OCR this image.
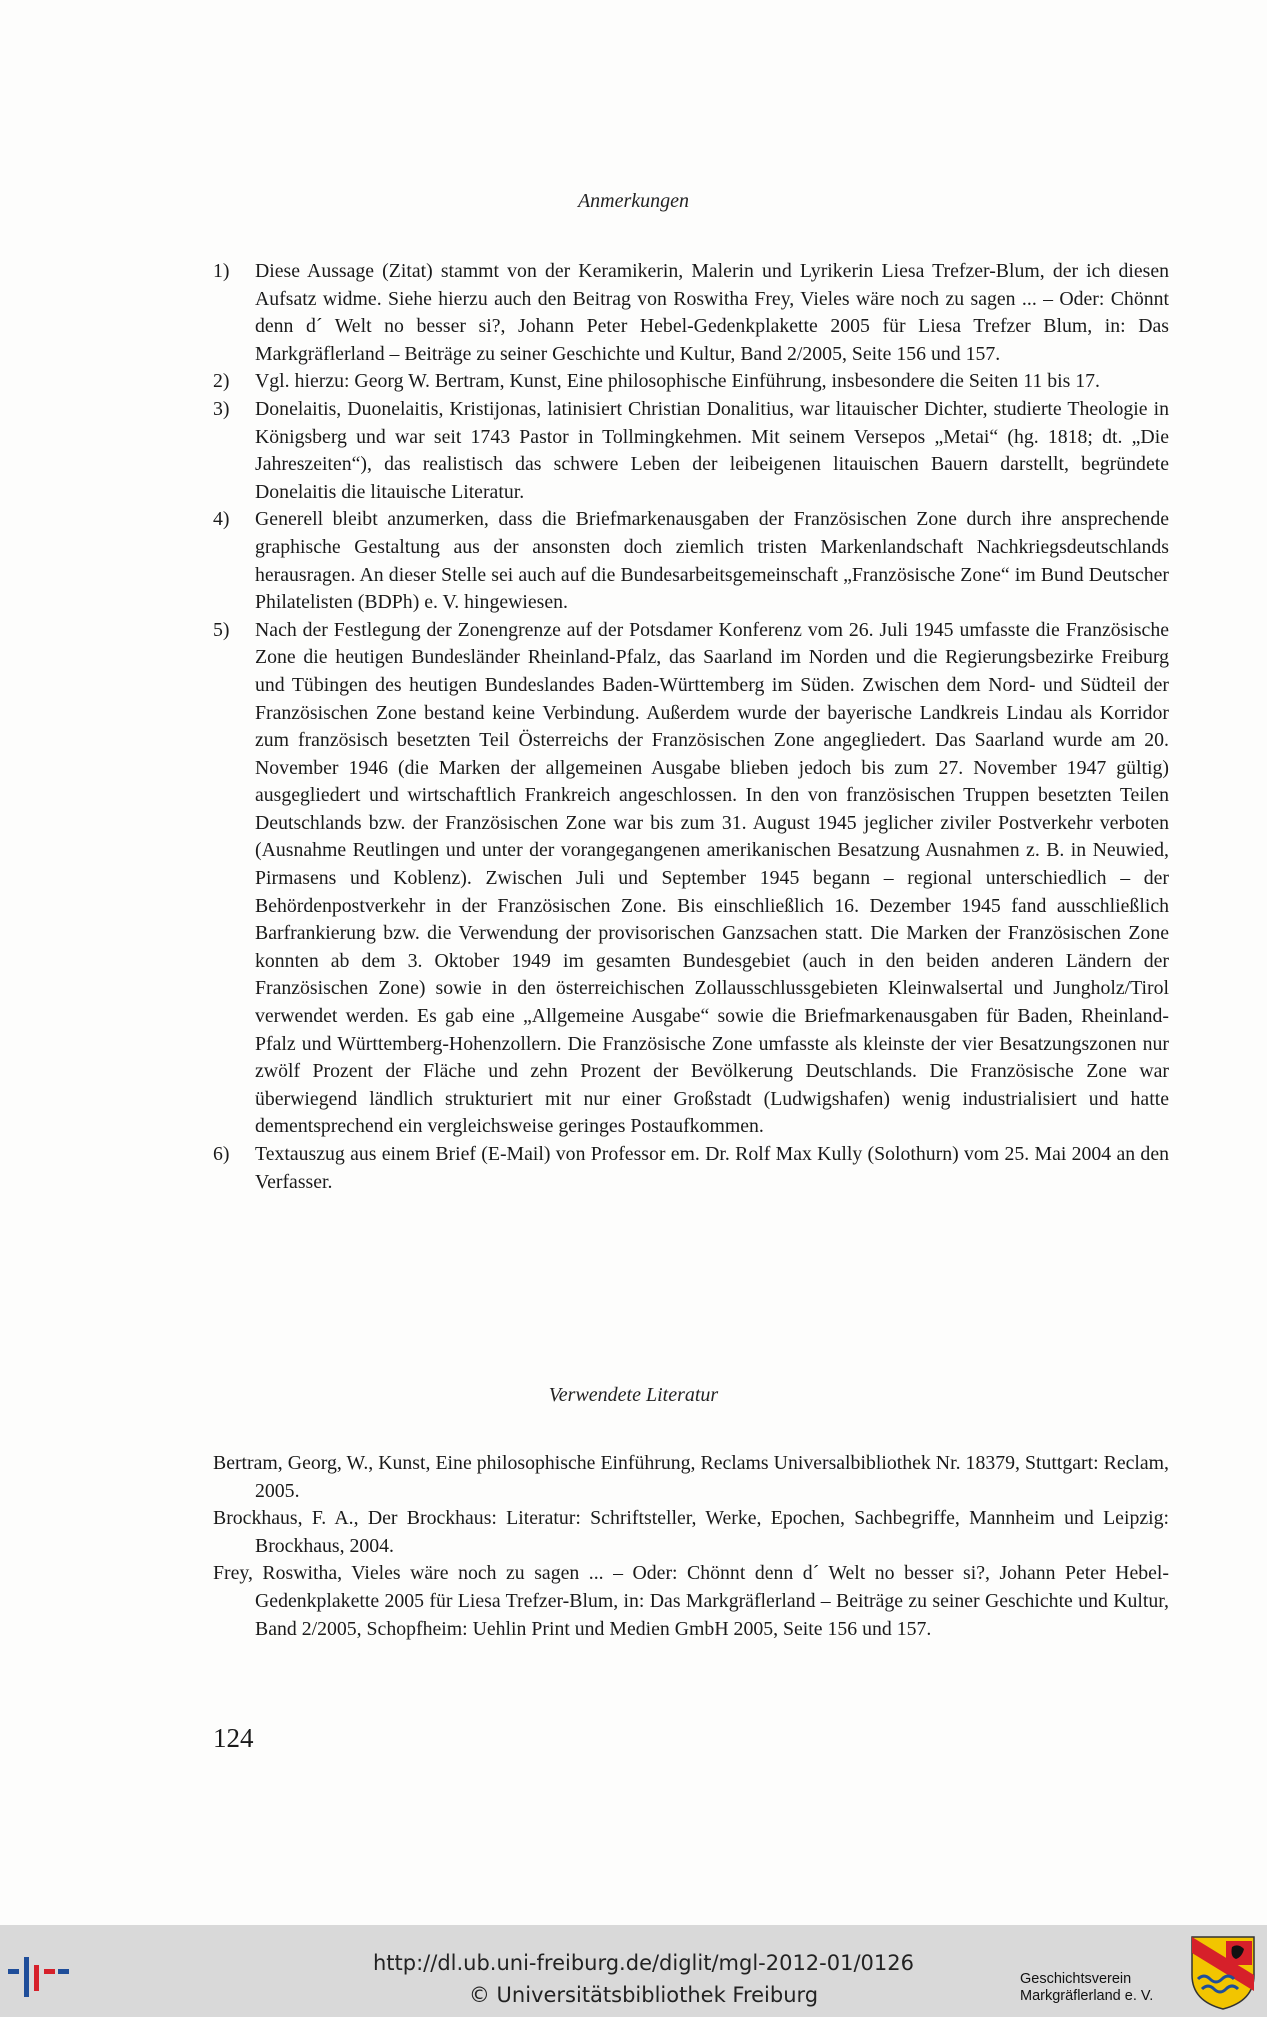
Anmerkungen
1) Diese Aussage (Zitat) stammt von der Keramikerin, Malerin und Lyrikerin Liesa Trefzer-Blum, der ich diesen Aufsatz widme. Siehe hierzu auch den Beitrag von Roswitha Frey, Vieles wäre noch zu sagen ... – Oder: Chönnt denn d´ Welt no besser si?, Johann Peter Hebel-Gedenkplakette 2005 für Liesa Trefzer Blum, in: Das Markgräflerland – Beiträge zu seiner Geschichte und Kultur, Band 2/2005, Seite 156 und 157.
2) Vgl. hierzu: Georg W. Bertram, Kunst, Eine philosophische Einführung, insbesondere die Seiten 11 bis 17.
3) Donelaitis, Duonelaitis, Kristijonas, latinisiert Christian Donalitius, war litauischer Dichter, studierte Theologie in Königsberg und war seit 1743 Pastor in Tollmingkehmen. Mit seinem Versepos „Metai“ (hg. 1818; dt. „Die Jahreszeiten“), das realistisch das schwere Leben der leibeigenen litauischen Bauern darstellt, begründete Donelaitis die litauische Literatur.
4) Generell bleibt anzumerken, dass die Briefmarkenausgaben der Französischen Zone durch ihre ansprechende graphische Gestaltung aus der ansonsten doch ziemlich tristen Markenlandschaft Nachkriegsdeutschlands herausragen. An dieser Stelle sei auch auf die Bundesarbeitsgemeinschaft „Französische Zone“ im Bund Deutscher Philatelisten (BDPh) e. V. hingewiesen.
5) Nach der Festlegung der Zonengrenze auf der Potsdamer Konferenz vom 26. Juli 1945 umfasste die Französische Zone die heutigen Bundesländer Rheinland-Pfalz, das Saarland im Norden und die Regierungsbezirke Freiburg und Tübingen des heutigen Bundeslandes Baden-Württemberg im Süden. Zwischen dem Nord- und Südteil der Französischen Zone bestand keine Verbindung. Außerdem wurde der bayerische Landkreis Lindau als Korridor zum französisch besetzten Teil Österreichs der Französischen Zone angegliedert. Das Saarland wurde am 20. November 1946 (die Marken der allgemeinen Ausgabe blieben jedoch bis zum 27. November 1947 gültig) ausgegliedert und wirtschaftlich Frankreich angeschlossen. In den von französischen Truppen besetzten Teilen Deutschlands bzw. der Französischen Zone war bis zum 31. August 1945 jeglicher ziviler Postverkehr verboten (Ausnahme Reutlingen und unter der vorangegangenen amerikanischen Besatzung Ausnahmen z. B. in Neuwied, Pirmasens und Koblenz). Zwischen Juli und September 1945 begann – regional unterschiedlich – der Behördenpostverkehr in der Französischen Zone. Bis einschließlich 16. Dezember 1945 fand ausschließlich Barfrankierung bzw. die Verwendung der provisorischen Ganzsachen statt. Die Marken der Französischen Zone konnten ab dem 3. Oktober 1949 im gesamten Bundesgebiet (auch in den beiden anderen Ländern der Französischen Zone) sowie in den österreichischen Zollausschlussgebieten Kleinwalsertal und Jungholz/Tirol verwendet werden. Es gab eine „Allgemeine Ausgabe“ sowie die Briefmarkenausgaben für Baden, Rheinland-Pfalz und Württemberg-Hohenzollern. Die Französische Zone umfasste als kleinste der vier Besatzungszonen nur zwölf Prozent der Fläche und zehn Prozent der Bevölkerung Deutschlands. Die Französische Zone war überwiegend ländlich strukturiert mit nur einer Großstadt (Ludwigshafen) wenig industrialisiert und hatte dementsprechend ein vergleichsweise geringes Postaufkommen.
6) Textauszug aus einem Brief (E-Mail) von Professor em. Dr. Rolf Max Kully (Solothurn) vom 25. Mai 2004 an den Verfasser.
Verwendete Literatur
Bertram, Georg, W., Kunst, Eine philosophische Einführung, Reclams Universalbibliothek Nr. 18379, Stuttgart: Reclam, 2005.
Brockhaus, F. A., Der Brockhaus: Literatur: Schriftsteller, Werke, Epochen, Sachbegriffe, Mannheim und Leipzig: Brockhaus, 2004.
Frey, Roswitha, Vieles wäre noch zu sagen ... – Oder: Chönnt denn d´ Welt no besser si?, Johann Peter Hebel-Gedenkplakette 2005 für Liesa Trefzer-Blum, in: Das Markgräflerland – Beiträge zu seiner Geschichte und Kultur, Band 2/2005, Schopfheim: Uehlin Print und Medien GmbH 2005, Seite 156 und 157.
124
http://dl.ub.uni-freiburg.de/diglit/mgl-2012-01/0126
© Universitätsbibliothek Freiburg
Geschichtsverein
Markgräflerland e. V.
